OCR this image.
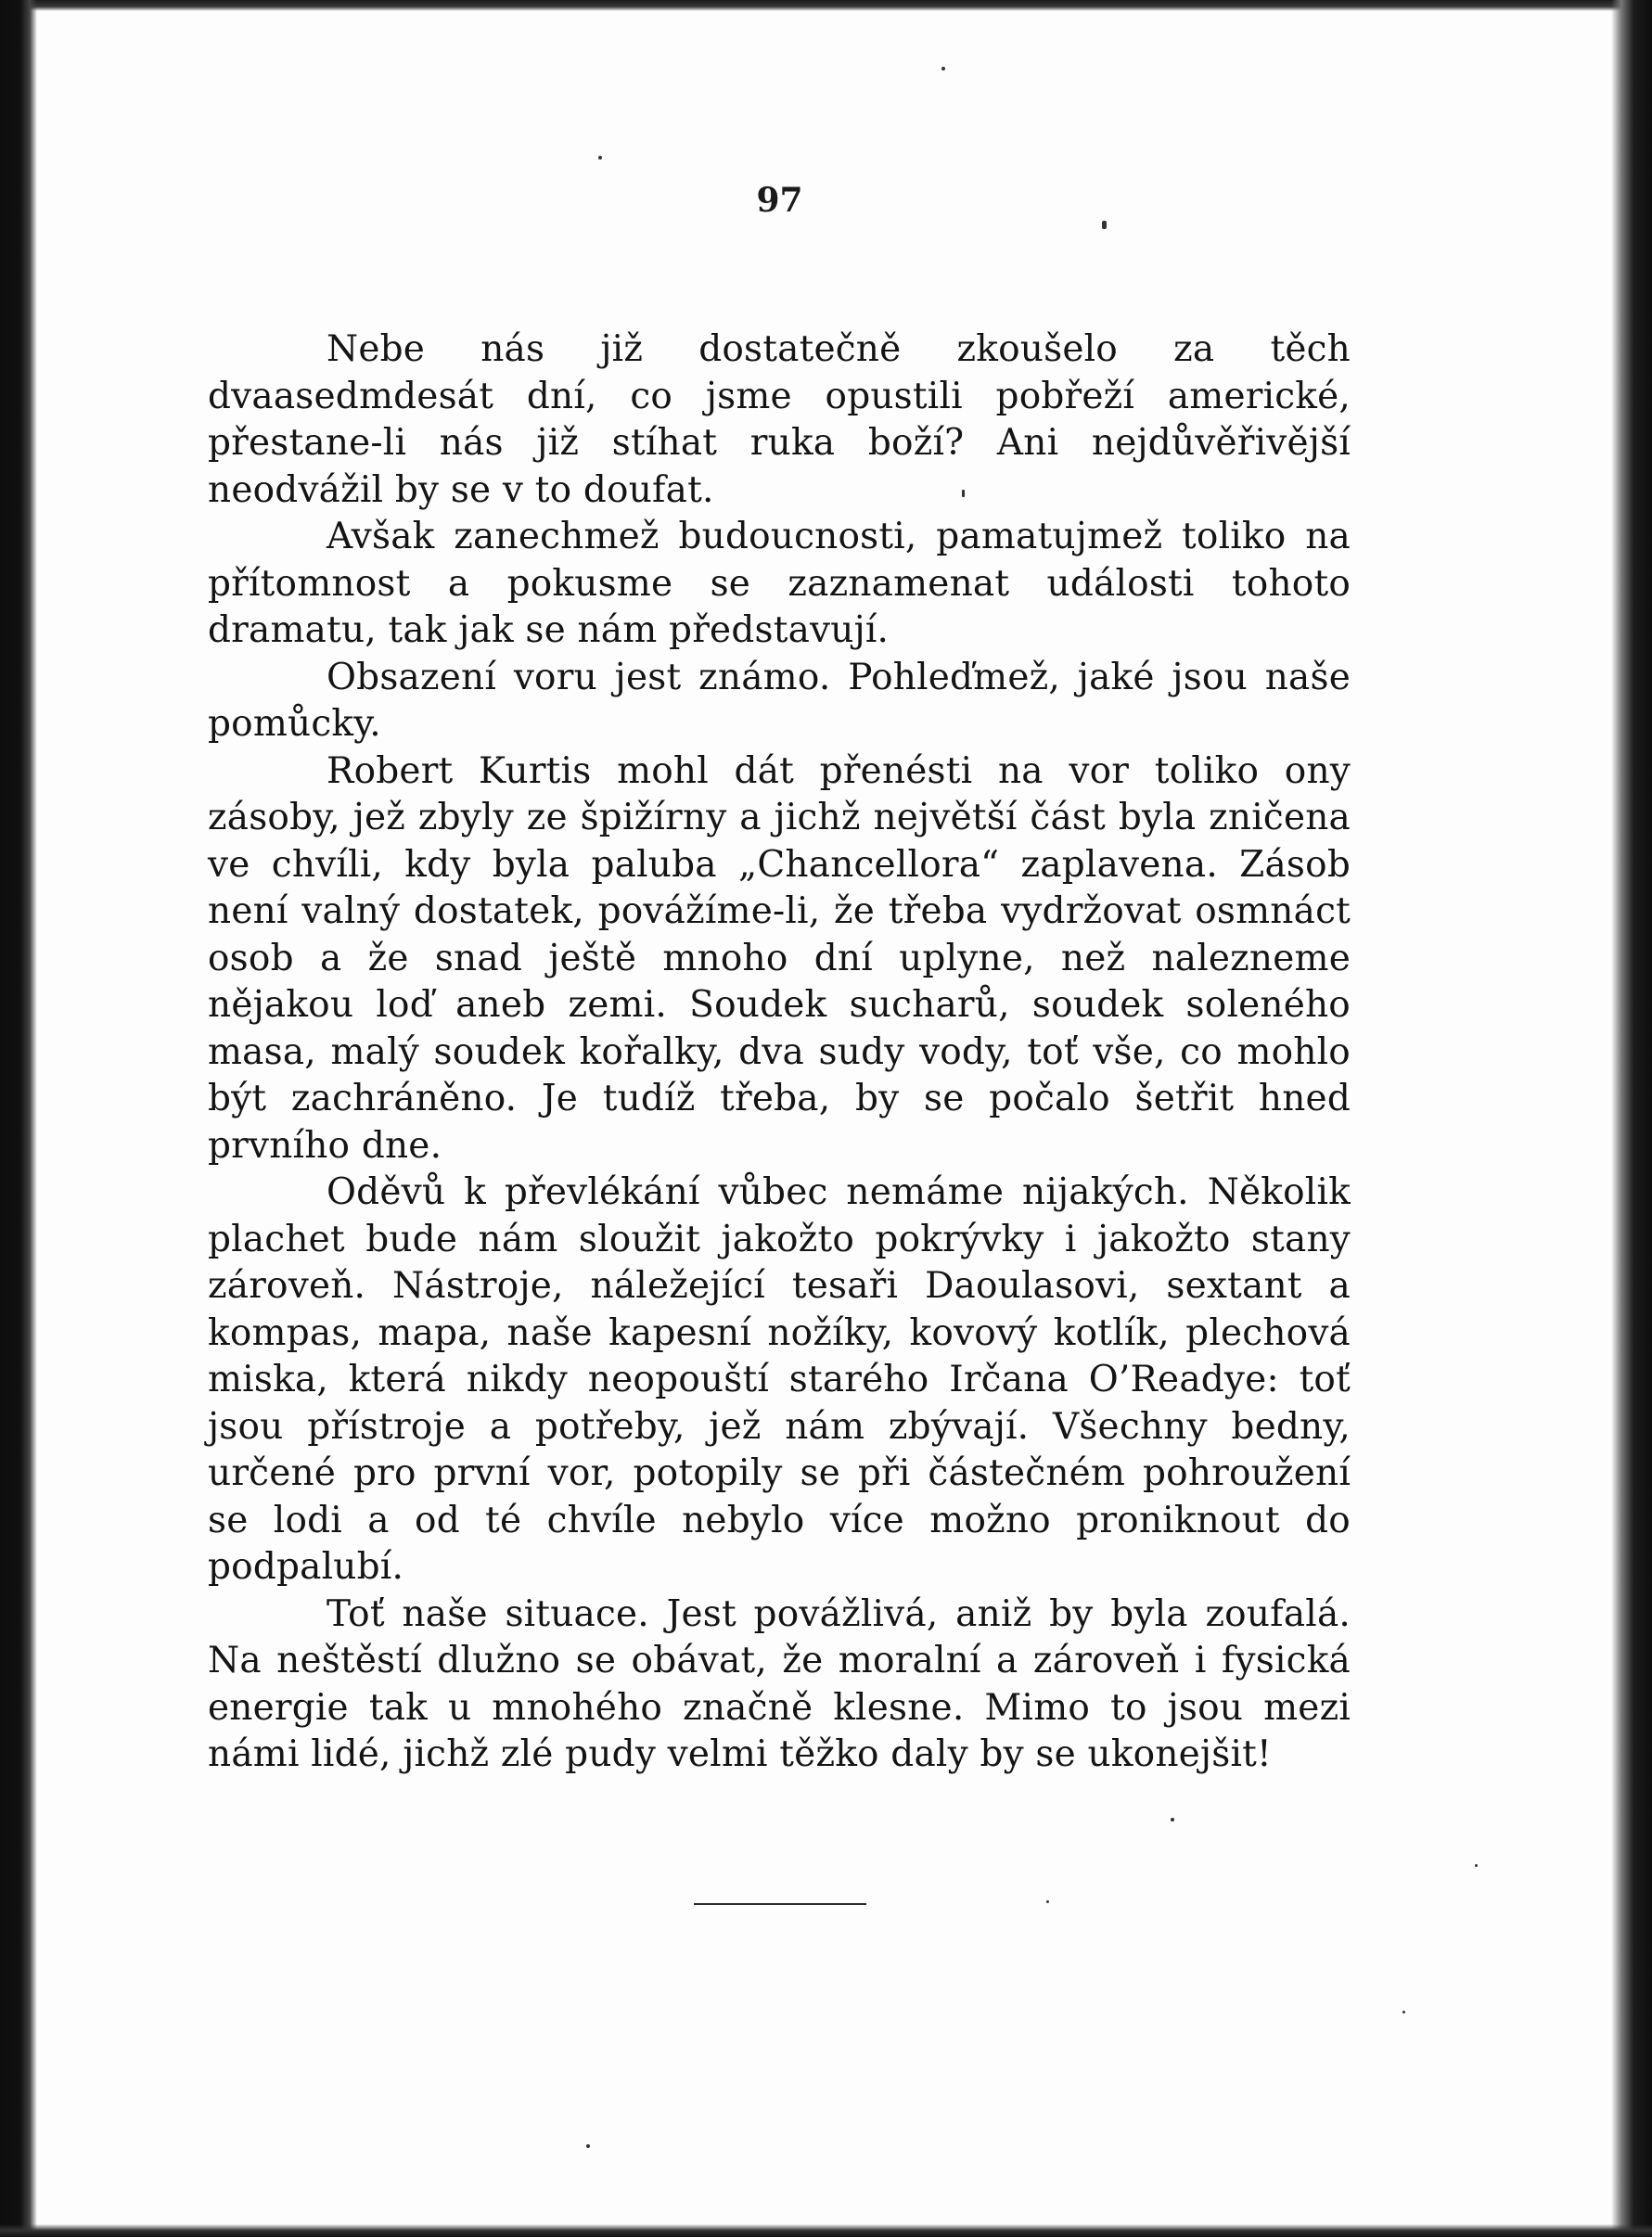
97

Nebe nás již dostatečně zkoušelo za těch dvaasedmdesát dní, co jsme opustili pobřeží americké, přestane-li nás již stíhat ruka boží? Ani nejdůvěřivější neodvážil by se v to doufat.

Avšak zanechmež budoucnosti, pamatujmež toliko na přítomnost a pokusme se zaznamenat události tohoto dramatu, tak jak se nám představují.

Obsazení voru jest známo. Pohleďmež, jaké jsou naše pomůcky.

Robert Kurtis mohl dát přenésti na vor toliko ony zásoby, jež zbyly ze špižírny a jichž největší část byla zničena ve chvíli, kdy byla paluba „Chancellora“ zaplavena. Zásob není valný dostatek, povážíme-li, že třeba vydržovat osmnáct osob a že snad ještě mnoho dní uplyne, než nalezneme nějakou loď aneb zemi. Soudek sucharů, soudek soleného masa, malý soudek kořalky, dva sudy vody, toť vše, co mohlo být zachráněno. Je tudíž třeba, by se počalo šetřit hned prvního dne.

Oděvů k převlékání vůbec nemáme nijakých. Několik plachet bude nám sloužit jakožto pokrývky i jakožto stany zároveň. Nástroje, náležející tesaři Daoulasovi, sextant a kompas, mapa, naše kapesní nožíky, kovový kotlík, plechová miska, která nikdy neopouští starého Irčana O’Readye: toť jsou přístroje a potřeby, jež nám zbývají. Všechny bedny, určené pro první vor, potopily se při částečném pohroužení se lodi a od té chvíle nebylo více možno proniknout do podpalubí.

Toť naše situace. Jest povážlivá, aniž by byla zoufalá. Na neštěstí dlužno se obávat, že moralní a zároveň i fysická energie tak u mnohého značně klesne. Mimo to jsou mezi námi lidé, jichž zlé pudy velmi těžko daly by se ukonejšit!
